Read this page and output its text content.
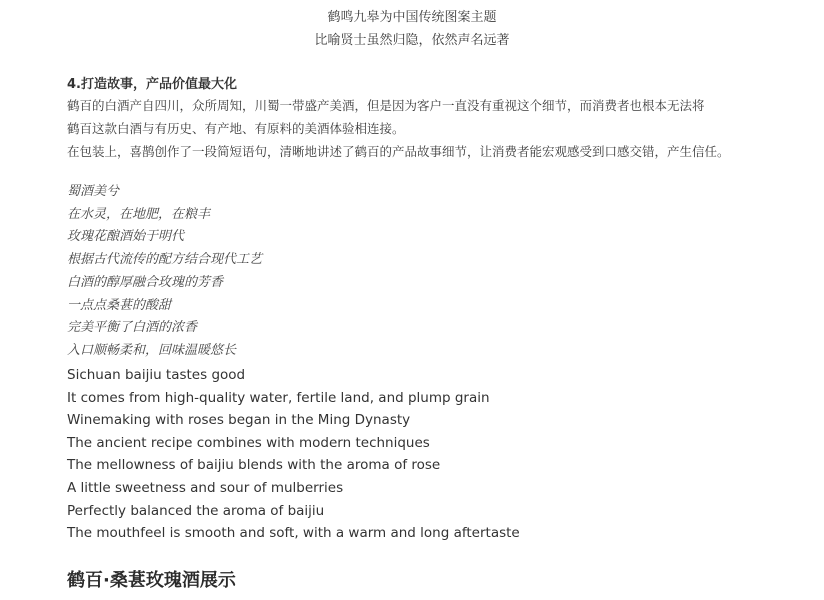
鹤鸣九皋为中国传统图案主题
比喻贤士虽然归隐，依然声名远著
4.打造故事，产品价值最大化
鹤百的白酒产自四川，众所周知，川蜀一带盛产美酒，但是因为客户一直没有重视这个细节，而消费者也根本无法将
鹤百这款白酒与有历史、有产地、有原料的美酒体验相连接。
在包装上，喜鹊创作了一段简短语句，清晰地讲述了鹤百的产品故事细节，让消费者能宏观感受到口感交错，产生信任。
蜀酒美兮
在水灵，在地肥，在粮丰
玫瑰花酿酒始于明代
根据古代流传的配方结合现代工艺
白酒的醇厚融合玫瑰的芳香
一点点桑葚的酸甜
完美平衡了白酒的浓香
入口顺畅柔和，回味温暖悠长
Sichuan baijiu tastes good
It comes from high-quality water, fertile land, and plump grain
Winemaking with roses began in the Ming Dynasty
The ancient recipe combines with modern techniques
The mellowness of baijiu blends with the aroma of rose
A little sweetness and sour of mulberries
Perfectly balanced the aroma of baijiu
The mouthfeel is smooth and soft, with a warm and long aftertaste
鹤百·桑葚玫瑰酒展示
